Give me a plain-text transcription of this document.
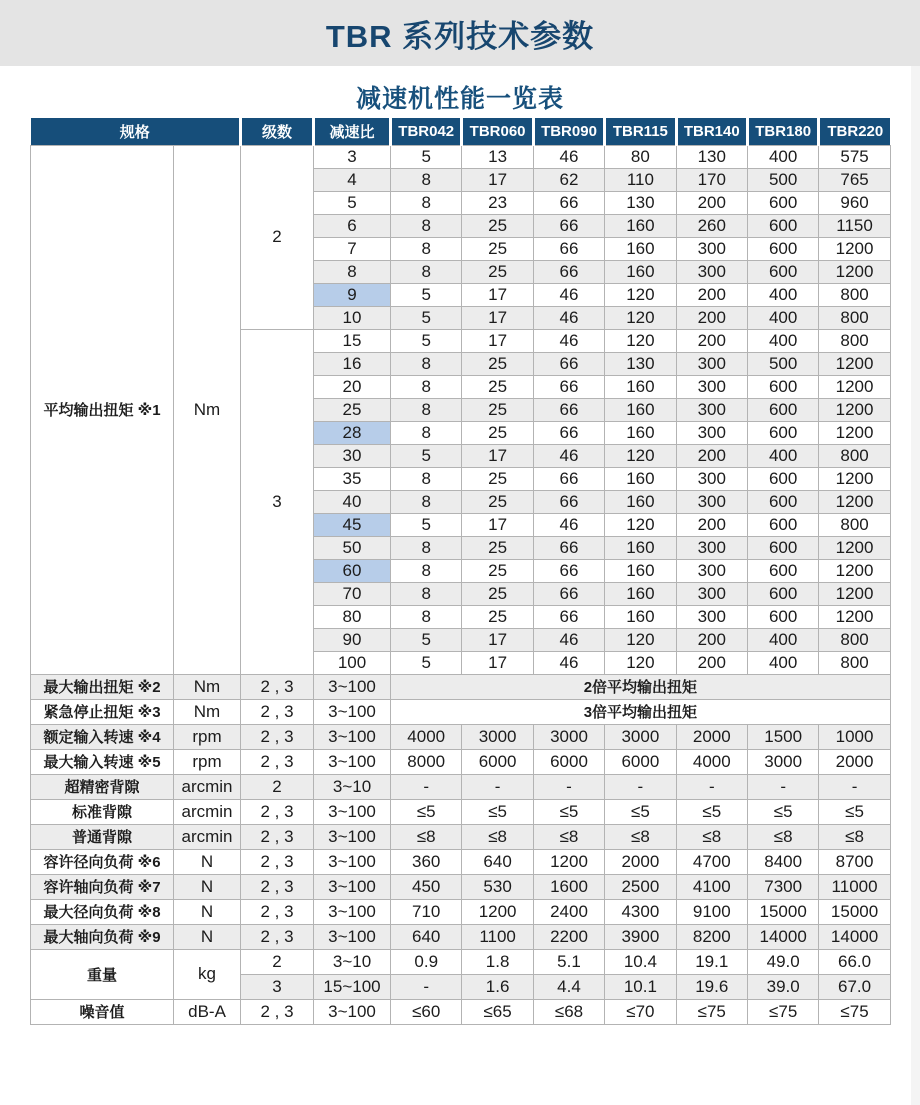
TBR 系列技术参数
减速机性能一览表
规格		级数	减速比	TBR042	TBR060	TBR090	TBR115	TBR140	TBR180	TBR220
平均输出扭矩 ※1	Nm	2	3	5	13	46	80	130	400	575
			4	8	17	62	110	170	500	765
			5	8	23	66	130	200	600	960
			6	8	25	66	160	260	600	1150
			7	8	25	66	160	300	600	1200
			8	8	25	66	160	300	600	1200
			9	5	17	46	120	200	400	800
			10	5	17	46	120	200	400	800
		3	15	5	17	46	120	200	400	800
			16	8	25	66	130	300	500	1200
			20	8	25	66	160	300	600	1200
			25	8	25	66	160	300	600	1200
			28	8	25	66	160	300	600	1200
			30	5	17	46	120	200	400	800
			35	8	25	66	160	300	600	1200
			40	8	25	66	160	300	600	1200
			45	5	17	46	120	200	600	800
			50	8	25	66	160	300	600	1200
			60	8	25	66	160	300	600	1200
			70	8	25	66	160	300	600	1200
			80	8	25	66	160	300	600	1200
			90	5	17	46	120	200	400	800
			100	5	17	46	120	200	400	800
最大输出扭矩 ※2	Nm	2 , 3	3~100	2倍平均输出扭矩						
紧急停止扭矩 ※3	Nm	2 , 3	3~100	3倍平均输出扭矩						
额定输入转速 ※4	rpm	2 , 3	3~100	4000	3000	3000	3000	2000	1500	1000
最大输入转速 ※5	rpm	2 , 3	3~100	8000	6000	6000	6000	4000	3000	2000
超精密背隙	arcmin	2	3~10	-	-	-	-	-	-	-
标准背隙	arcmin	2 , 3	3~100	≤5	≤5	≤5	≤5	≤5	≤5	≤5
普通背隙	arcmin	2 , 3	3~100	≤8	≤8	≤8	≤8	≤8	≤8	≤8
容许径向负荷 ※6	N	2 , 3	3~100	360	640	1200	2000	4700	8400	8700
容许轴向负荷 ※7	N	2 , 3	3~100	450	530	1600	2500	4100	7300	11000
最大径向负荷 ※8	N	2 , 3	3~100	710	1200	2400	4300	9100	15000	15000
最大轴向负荷 ※9	N	2 , 3	3~100	640	1100	2200	3900	8200	14000	14000
重量	kg	2	3~10	0.9	1.8	5.1	10.4	19.1	49.0	66.0
		3	15~100	-	1.6	4.4	10.1	19.6	39.0	67.0
噪音值	dB-A	2 , 3	3~100	≤60	≤65	≤68	≤70	≤75	≤75	≤75
